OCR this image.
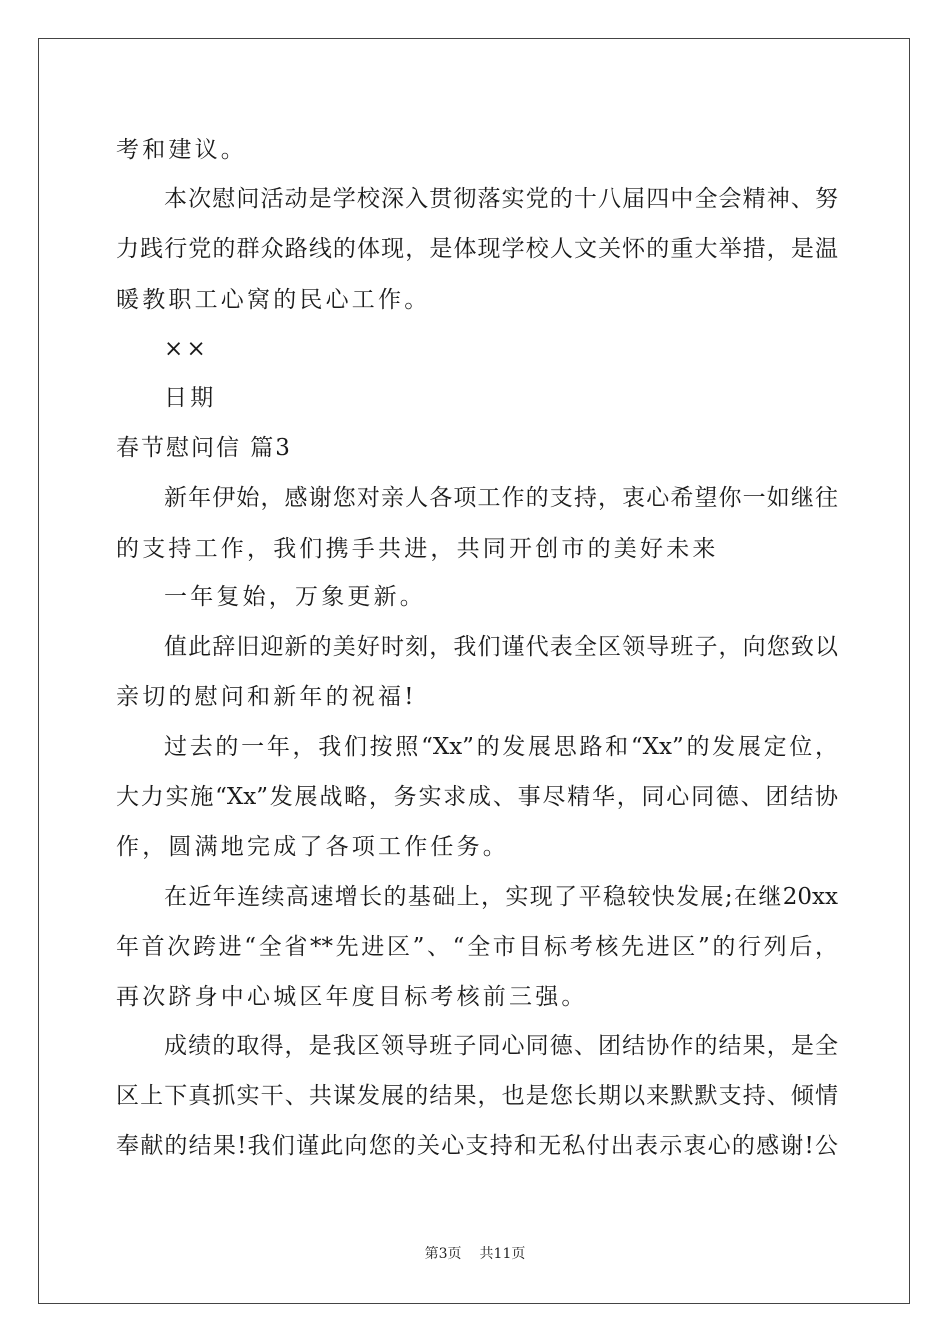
考和建议。
本次慰问活动是学校深入贯彻落实党的十八届四中全会精神、努
力践行党的群众路线的体现，是体现学校人文关怀的重大举措，是温
暖教职工心窝的民心工作。
××
日期
春节慰问信 篇3
新年伊始，感谢您对亲人各项工作的支持，衷心希望你一如继往
的支持工作，我们携手共进，共同开创市的美好未来
一年复始，万象更新。
值此辞旧迎新的美好时刻，我们谨代表全区领导班子，向您致以
亲切的慰问和新年的祝福!
过去的一年，我们按照“Xx”的发展思路和“Xx”的发展定位，
大力实施“Xx”发展战略，务实求成、事尽精华，同心同德、团结协
作，圆满地完成了各项工作任务。
在近年连续高速增长的基础上，实现了平稳较快发展;在继20xx
年首次跨进“全省**先进区”、“全市目标考核先进区”的行列后，
再次跻身中心城区年度目标考核前三强。
成绩的取得，是我区领导班子同心同德、团结协作的结果，是全
区上下真抓实干、共谋发展的结果，也是您长期以来默默支持、倾情
奉献的结果!我们谨此向您的关心支持和无私付出表示衷心的感谢!公
第3页 共11页
